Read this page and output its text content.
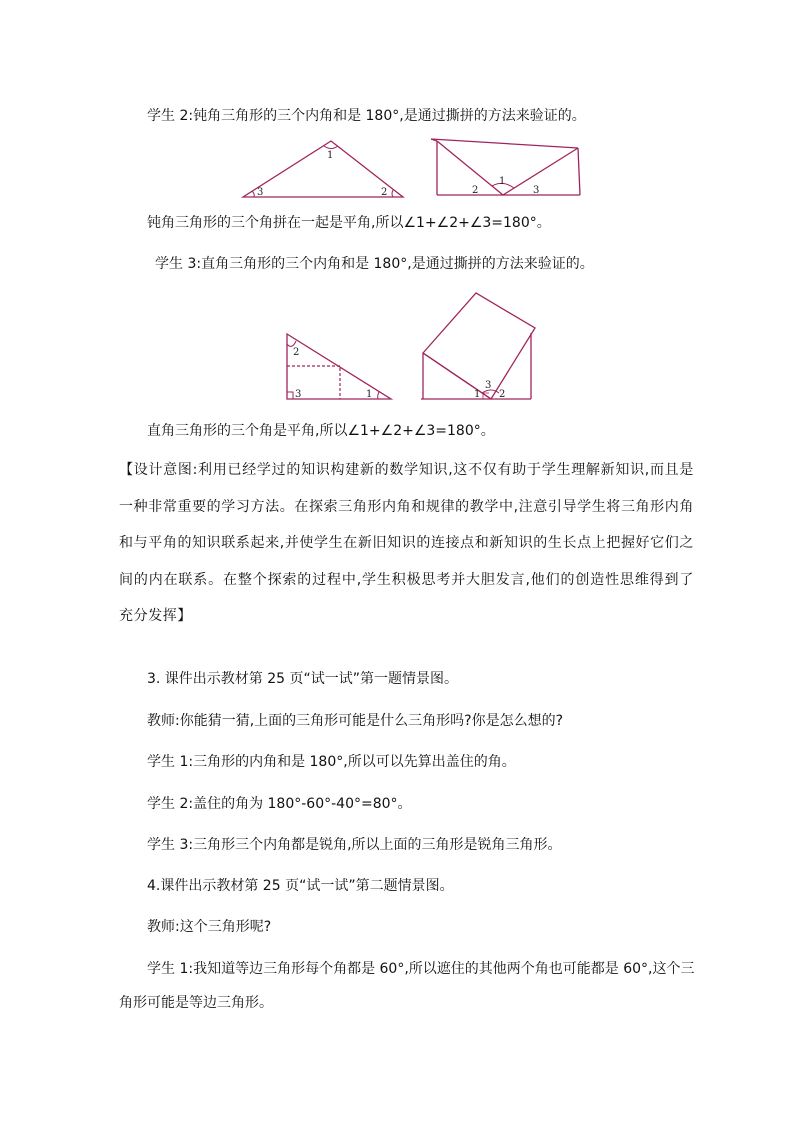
学生 2:钝角三角形的三个内角和是 180°,是通过撕拼的方法来验证的。

1
3	2
1
2	3

钝角三角形的三个角拼在一起是平角,所以∠1+∠2+∠3=180°。

学生 3:直角三角形的三个内角和是 180°,是通过撕拼的方法来验证的。

2
3	1
3
1 2

直角三角形的三个角是平角,所以∠1+∠2+∠3=180°。

【设计意图:利用已经学过的知识构建新的数学知识,这不仅有助于学生理解新知识,而且是一种非常重要的学习方法。在探索三角形内角和规律的教学中,注意引导学生将三角形内角和与平角的知识联系起来,并使学生在新旧知识的连接点和新知识的生长点上把握好它们之间的内在联系。在整个探索的过程中,学生积极思考并大胆发言,他们的创造性思维得到了充分发挥】

3. 课件出示教材第 25 页“试一试”第一题情景图。

教师:你能猜一猜,上面的三角形可能是什么三角形吗?你是怎么想的?

学生 1:三角形的内角和是 180°,所以可以先算出盖住的角。

学生 2:盖住的角为 180°-60°-40°=80°。

学生 3:三角形三个内角都是锐角,所以上面的三角形是锐角三角形。

4.课件出示教材第 25 页“试一试”第二题情景图。

教师:这个三角形呢?

学生 1:我知道等边三角形每个角都是 60°,所以遮住的其他两个角也可能都是 60°,这个三

角形可能是等边三角形。
